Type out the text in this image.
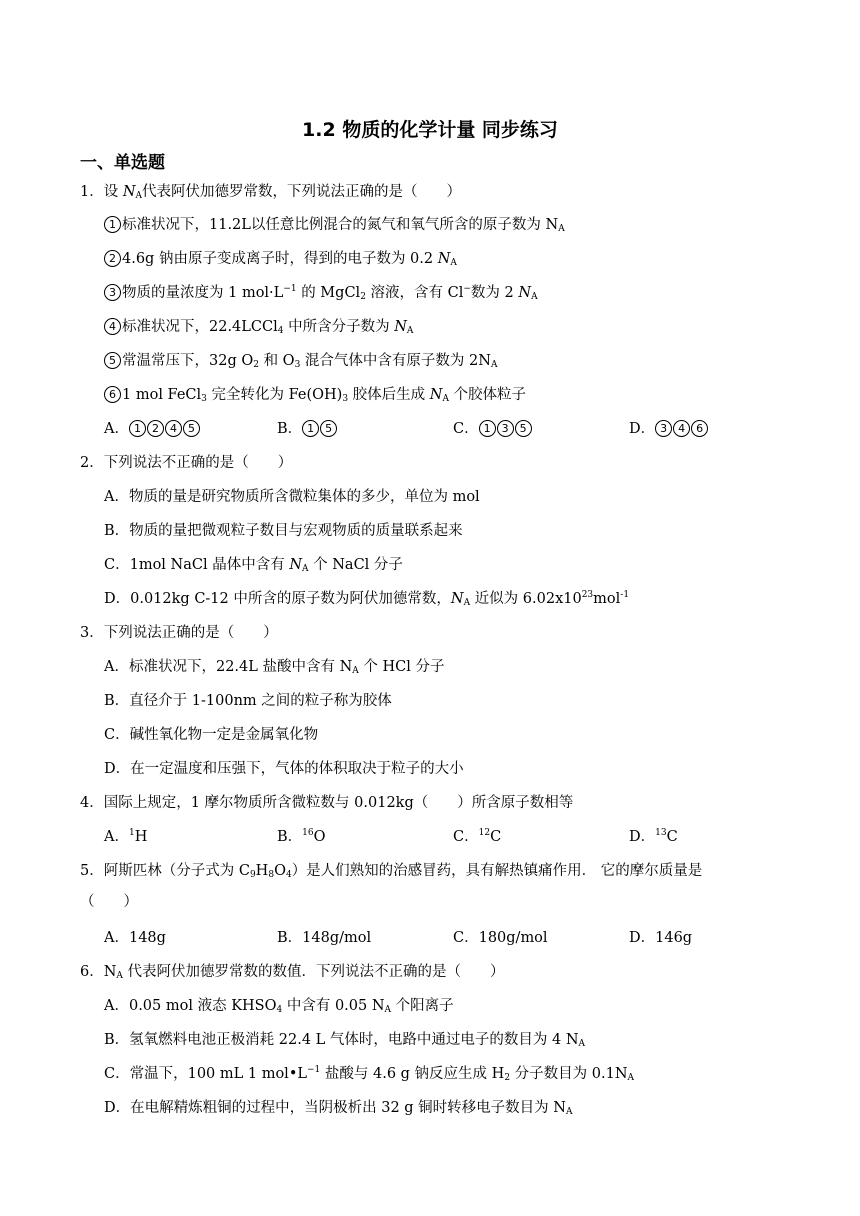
1.2 物质的化学计量 同步练习
一、单选题
1．设 $N_A$代表阿伏加德罗常数，下列说法正确的是（　　）
1 标准状况下，11.2L以任意比例混合的氮气和氧气所含的原子数为 $N_A$
2 4.6g 钠由原子变成离子时，得到的电子数为 0.2 $N_A$
3 物质的量浓度为 1 $mol\cdot L^{-1}$ 的 MgCl$_2$ 溶液，含有 Cl−数为 2 $N_A$
4 标准状况下，22.4LCCl$_4$ 中所含分子数为 $N_A$
5 常温常压下，32g $O_2$ 和 $O_3$ 混合气体中含有原子数为 $2N_A$
6 1 mol FeCl$_3$ 完全转化为 $Fe(OH)_3$ 胶体后生成 $N_A$ 个胶体粒子
A． 1 2 4 5	B． 1 5	C． 1 3 5	D． 3 4 6
2．下列说法不正确的是（　　）
A．物质的量是研究物质所含微粒集体的多少，单位为 mol
B．物质的量把微观粒子数目与宏观物质的质量联系起来
C．1mol NaCl 晶体中含有 $N_A$ 个 NaCl 分子
D．0.012kg C-12 中所含的原子数为阿伏加德常数，$N_A$ 近似为 $6.02x10^{23}mol^{-1}$
3．下列说法正确的是（　　）
A．标准状况下，22.4L 盐酸中含有 $N_A$ 个 HCl 分子
B．直径介于 1-100nm 之间的粒子称为胶体
C．碱性氧化物一定是金属氧化物
D．在一定温度和压强下，气体的体积取决于粒子的大小
4．国际上规定，1 摩尔物质所含微粒数与 0.012kg（　　）所含原子数相等
A．$^1$H	B．$^{16}$O	C．$^{12}$C	D．$^{13}$C
5．阿斯匹林（分子式为 $C_9H_8O_4$）是人们熟知的治感冒药，具有解热镇痛作用． 它的摩尔质量是
（　　）
A．148g	B．148g/mol	C．180g/mol	D．146g
6．$N_A$ 代表阿伏加德罗常数的数值．下列说法不正确的是（　　）
A．0.05 mol 液态 $KHSO_4$ 中含有 0.05 $N_A$ 个阳离子
B．氢氧燃料电池正极消耗 22.4 L 气体时，电路中通过电子的数目为 4 $N_A$
C．常温下，100 mL 1 $mol•L^{-1}$ 盐酸与 4.6 g 钠反应生成 $H_2$ 分子数目为 $0.1N_A$
D．在电解精炼粗铜的过程中，当阴极析出 32 g 铜时转移电子数目为 $N_A$
